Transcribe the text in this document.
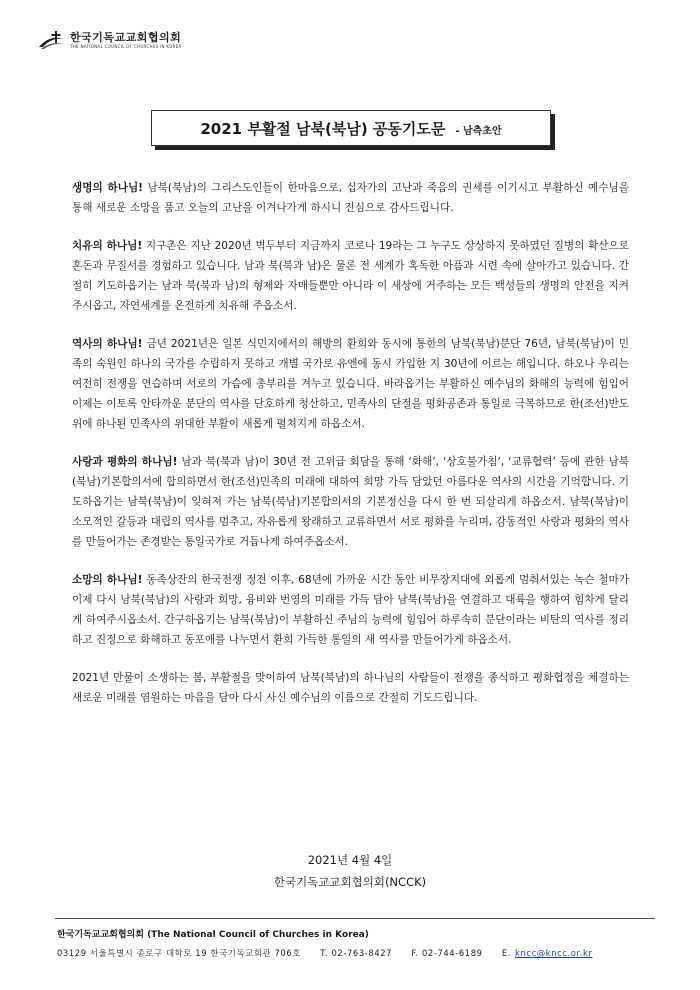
한국기독교교회협의회
THE NATIONAL COUNCIL OF CHURCHES IN KOREA
2021 부활절 남북(북남) 공동기도문 - 남측초안

생명의 하나님! 남북(북남)의 그리스도인들이 한마음으로, 십자가의 고난과 죽음의 권세를 이기시고 부활하신 예수님을 통해 새로운 소망을 품고 오늘의 고난을 이겨나가게 하시니 진심으로 감사드립니다.

치유의 하나님! 지구촌은 지난 2020년 벽두부터 지금까지 코로나 19라는 그 누구도 상상하지 못하였던 질병의 확산으로 혼돈과 무질서를 경험하고 있습니다. 남과 북(북과 남)은 물론 전 세계가 혹독한 아픔과 시련 속에 살아가고 있습니다. 간절히 기도하옵기는 남과 북(북과 남)의 형제와 자매들뿐만 아니라 이 세상에 거주하는 모든 백성들의 생명의 안전을 지켜 주시옵고, 자연세계를 온전하게 치유해 주옵소서.

역사의 하나님! 금년 2021년은 일본 식민지에서의 해방의 환희와 동시에 통한의 남북(북남)분단 76년, 남북(북남)이 민족의 숙원인 하나의 국가를 수립하지 못하고 개별 국가로 유엔에 동시 가입한 지 30년에 이르는 해입니다. 하오나 우리는 여전히 전쟁을 연습하며 서로의 가슴에 총부리를 겨누고 있습니다. 바라옵기는 부활하신 예수님의 화해의 능력에 힘입어 이제는 이토록 안타까운 분단의 역사를 단호하게 청산하고, 민족사의 단절을 평화공존과 통일로 극복하므로 한(조선)반도 위에 하나된 민족사의 위대한 부활이 새롭게 펼쳐지게 하옵소서.

사랑과 평화의 하나님! 남과 북(북과 남)이 30년 전 고위급 회담을 통해 ‘화해’, ‘상호불가침’, ‘교류협력’ 등에 관한 남북(북남)기본합의서에 합의하면서 한(조선)민족의 미래에 대하여 희망 가득 담았던 아름다운 역사의 시간을 기억합니다. 기도하옵기는 남북(북남)이 잊혀져 가는 남북(북남)기본합의서의 기본정신을 다시 한 번 되살리게 하옵소서. 남북(북남)이 소모적인 갈등과 대립의 역사를 멈추고, 자유롭게 왕래하고 교류하면서 서로 평화를 누리며, 감동적인 사랑과 평화의 역사를 만들어가는 존경받는 통일국가로 거듭나게 하여주옵소서.

소망의 하나님! 동족상잔의 한국전쟁 정전 이후, 68년에 가까운 시간 동안 비무장지대에 외롭게 멈춰서있는 녹슨 철마가 이제 다시 남북(북남)의 사랑과 희망, 융비와 번영의 미래를 가득 담아 남북(북남)을 연결하고 대륙을 행하여 힘차게 달리게 하여주시옵소서. 간구하옵기는 남북(북남)이 부활하신 주님의 능력에 힘입어 하루속히 분단이라는 비탄의 역사를 정리하고 진정으로 화해하고 동포애를 나누면서 환희 가득한 통일의 새 역사를 만들어가게 하옵소서.

2021년 만물이 소생하는 봄, 부활절을 맞이하여 남북(북남)의 하나님의 사람들이 전쟁을 종식하고 평화협정을 체결하는 새로운 미래를 염원하는 마음을 담아 다시 사신 예수님의 이름으로 간절히 기도드립니다.

2021년 4월 4일
한국기독교교회협의회(NCCK)
한국기독교교회협의회 (The National Council of Churches in Korea)
03129 서울특별시 종로구 대학로 19 한국기독교회관 706호 T. 02-763-8427 F. 02-744-6189 E. kncc@kncc.or.kr
